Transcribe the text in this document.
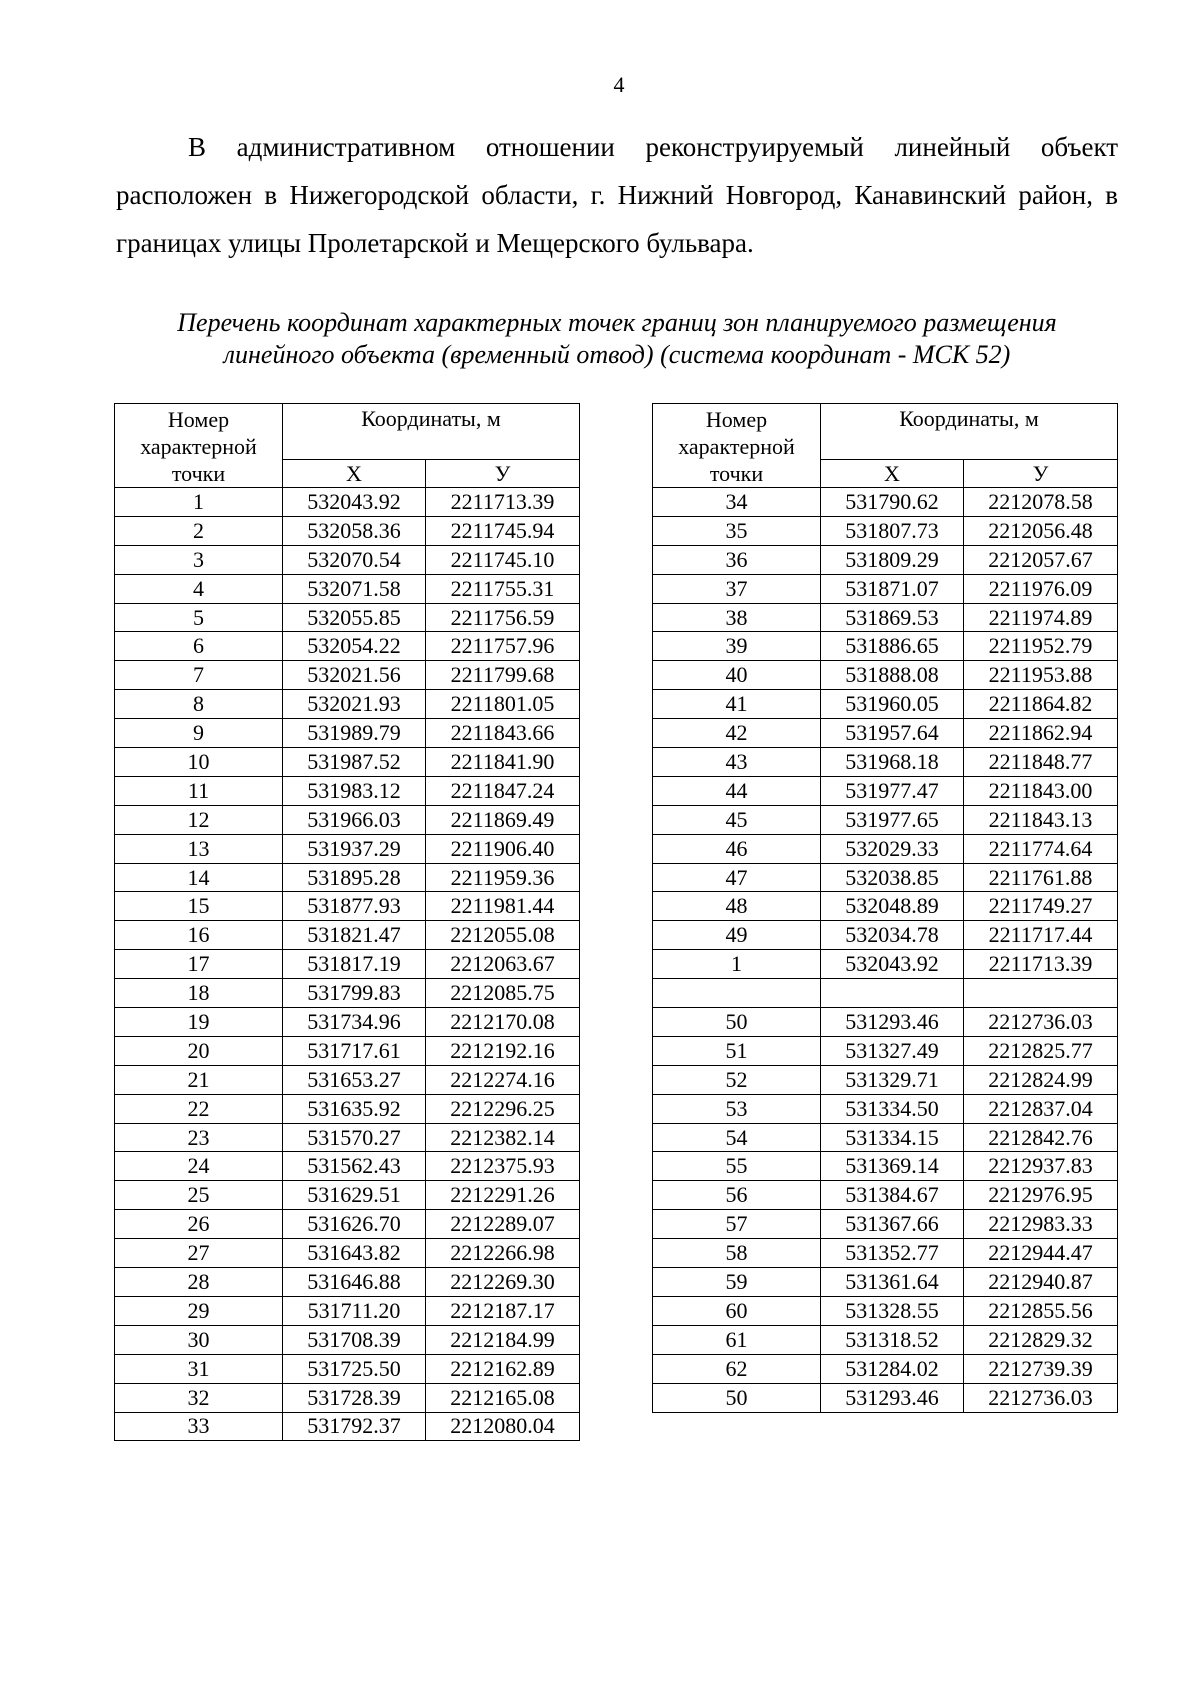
4

В административном отношении реконструируемый линейный объект расположен в Нижегородской области, г. Нижний Новгород, Канавинский район, в границах улицы Пролетарской и Мещерского бульвара.

Перечень координат характерных точек границ зон планируемого размещения
линейного объекта (временный отвод) (система координат - МСК 52)
Номер характерной точки	Координаты, м	
	Х	У
1	532043.92	2211713.39
2	532058.36	2211745.94
3	532070.54	2211745.10
4	532071.58	2211755.31
5	532055.85	2211756.59
6	532054.22	2211757.96
7	532021.56	2211799.68
8	532021.93	2211801.05
9	531989.79	2211843.66
10	531987.52	2211841.90
11	531983.12	2211847.24
12	531966.03	2211869.49
13	531937.29	2211906.40
14	531895.28	2211959.36
15	531877.93	2211981.44
16	531821.47	2212055.08
17	531817.19	2212063.67
18	531799.83	2212085.75
19	531734.96	2212170.08
20	531717.61	2212192.16
21	531653.27	2212274.16
22	531635.92	2212296.25
23	531570.27	2212382.14
24	531562.43	2212375.93
25	531629.51	2212291.26
26	531626.70	2212289.07
27	531643.82	2212266.98
28	531646.88	2212269.30
29	531711.20	2212187.17
30	531708.39	2212184.99
31	531725.50	2212162.89
32	531728.39	2212165.08
33	531792.37	2212080.04
Номер характерной точки	Координаты, м	
	Х	У
34	531790.62	2212078.58
35	531807.73	2212056.48
36	531809.29	2212057.67
37	531871.07	2211976.09
38	531869.53	2211974.89
39	531886.65	2211952.79
40	531888.08	2211953.88
41	531960.05	2211864.82
42	531957.64	2211862.94
43	531968.18	2211848.77
44	531977.47	2211843.00
45	531977.65	2211843.13
46	532029.33	2211774.64
47	532038.85	2211761.88
48	532048.89	2211749.27
49	532034.78	2211717.44
1	532043.92	2211713.39

50	531293.46	2212736.03
51	531327.49	2212825.77
52	531329.71	2212824.99
53	531334.50	2212837.04
54	531334.15	2212842.76
55	531369.14	2212937.83
56	531384.67	2212976.95
57	531367.66	2212983.33
58	531352.77	2212944.47
59	531361.64	2212940.87
60	531328.55	2212855.56
61	531318.52	2212829.32
62	531284.02	2212739.39
50	531293.46	2212736.03
